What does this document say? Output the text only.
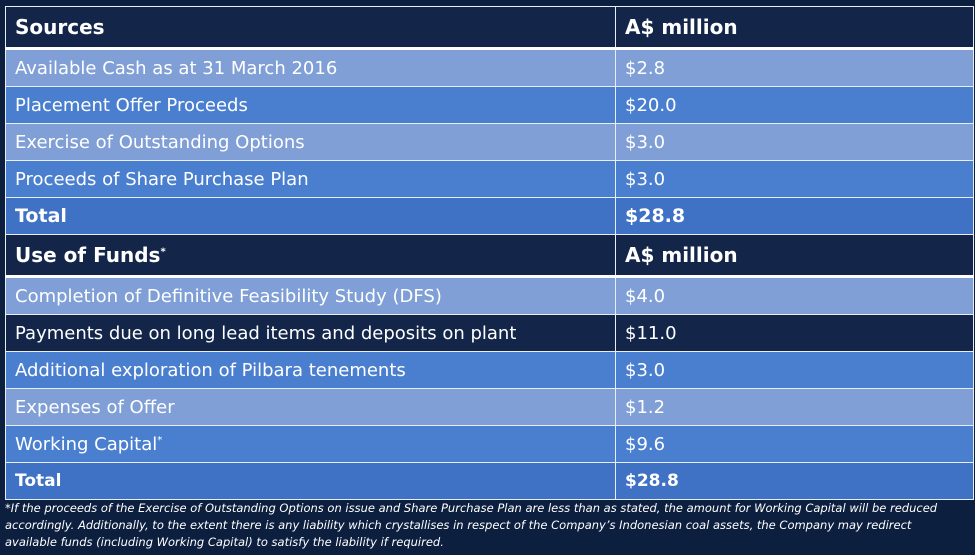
Sources	A$ million
Available Cash as at 31 March 2016	$2.8
Placement Offer Proceeds	$20.0
Exercise of Outstanding Options	$3.0
Proceeds of Share Purchase Plan	$3.0
Total	$28.8
Use of Funds*	A$ million
Completion of Definitive Feasibility Study (DFS)	$4.0
Payments due on long lead items and deposits on plant	$11.0
Additional exploration of Pilbara tenements	$3.0
Expenses of Offer	$1.2
Working Capital*	$9.6
Total	$28.8
*If the proceeds of the Exercise of Outstanding Options on issue and Share Purchase Plan are less than as stated, the amount for Working Capital will be reduced accordingly. Additionally, to the extent there is any liability which crystallises in respect of the Company’s Indonesian coal assets, the Company may redirect available funds (including Working Capital) to satisfy the liability if required.
